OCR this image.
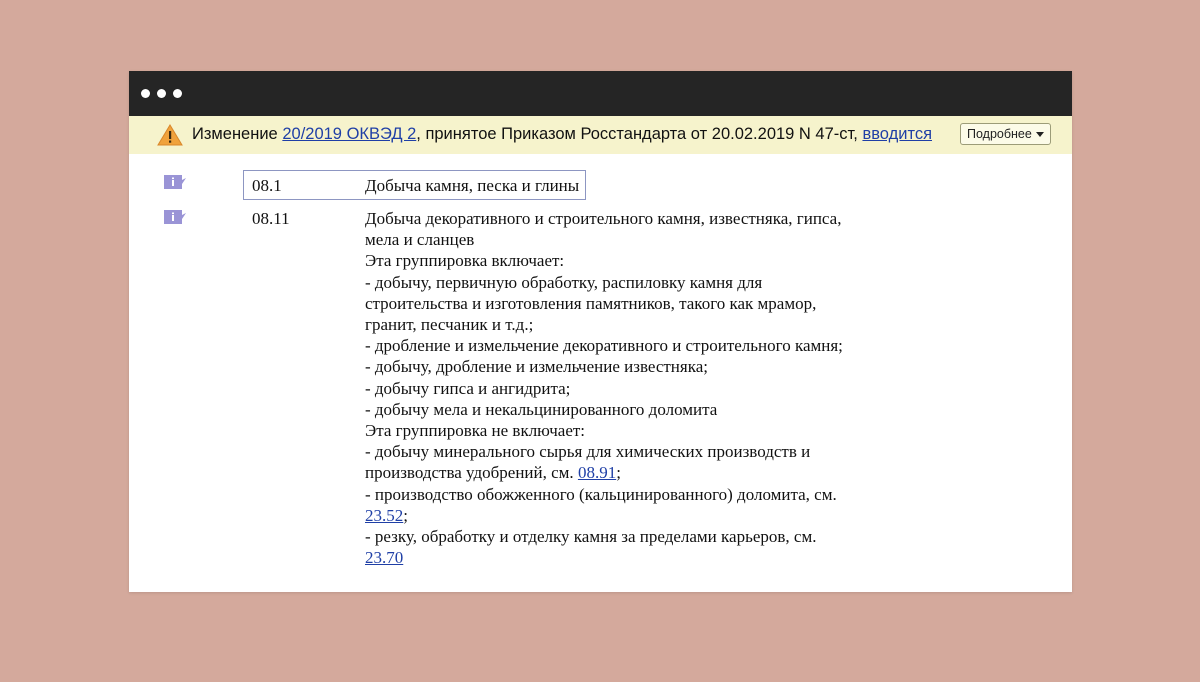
Изменение 20/2019 ОКВЭД 2, принятое Приказом Росстандарта от 20.02.2019 N 47-ст, вводится	Подробнее
08.1	Добыча камня, песка и глины
08.11	Добыча декоративного и строительного камня, известняка, гипса,
мела и сланцев
Эта группировка включает:
- добычу, первичную обработку, распиловку камня для
строительства и изготовления памятников, такого как мрамор,
гранит, песчаник и т.д.;
- дробление и измельчение декоративного и строительного камня;
- добычу, дробление и измельчение известняка;
- добычу гипса и ангидрита;
- добычу мела и некальцинированного доломита
Эта группировка не включает:
- добычу минерального сырья для химических производств и
производства удобрений, см. 08.91;
- производство обожженного (кальцинированного) доломита, см.
23.52;
- резку, обработку и отделку камня за пределами карьеров, см.
23.70
